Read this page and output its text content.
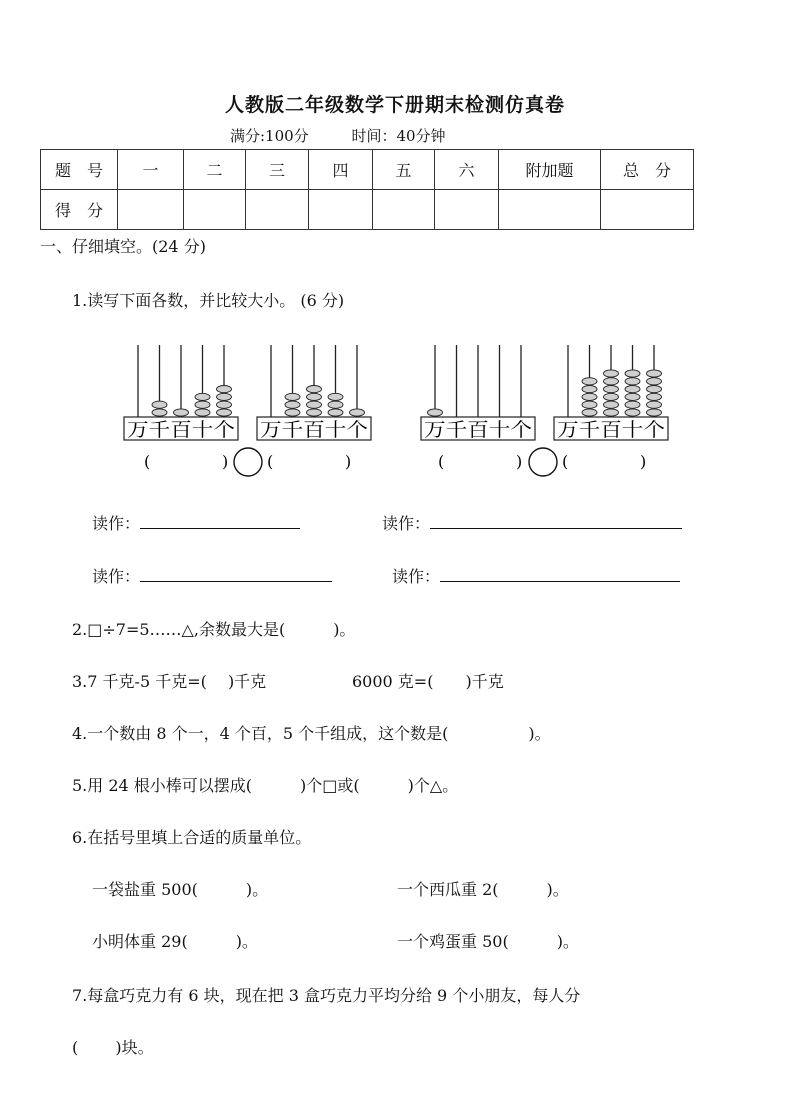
人教版二年级数学下册期末检测仿真卷
满分:100分	时间：40分钟
题　号	一	二	三	四	五	六	附加题	总　分
得　分								
一、仔细填空。(24 分)
1.读写下面各数，并比较大小。 (6 分)
万千百十个 万千百十个	万千百十个 万千百十个
(	) (	)	(	) (	)
读作：	读作：
读作：	读作：
2.□÷7=5……△,余数最大是(　　　)。
3.7 千克-5 千克=(　 )千克	6000 克=(　　)千克
4.一个数由 8 个一，4 个百，5 个千组成，这个数是(　　　　　)。
5.用 24 根小棒可以摆成(　　　)个□或(　　　)个△。
6.在括号里填上合适的质量单位。
一袋盐重 500(　　　)。	一个西瓜重 2(　　　)。
小明体重 29(　　　)。	一个鸡蛋重 50(　　　)。
7.每盒巧克力有 6 块，现在把 3 盒巧克力平均分给 9 个小朋友，每人分
(　　 )块。
